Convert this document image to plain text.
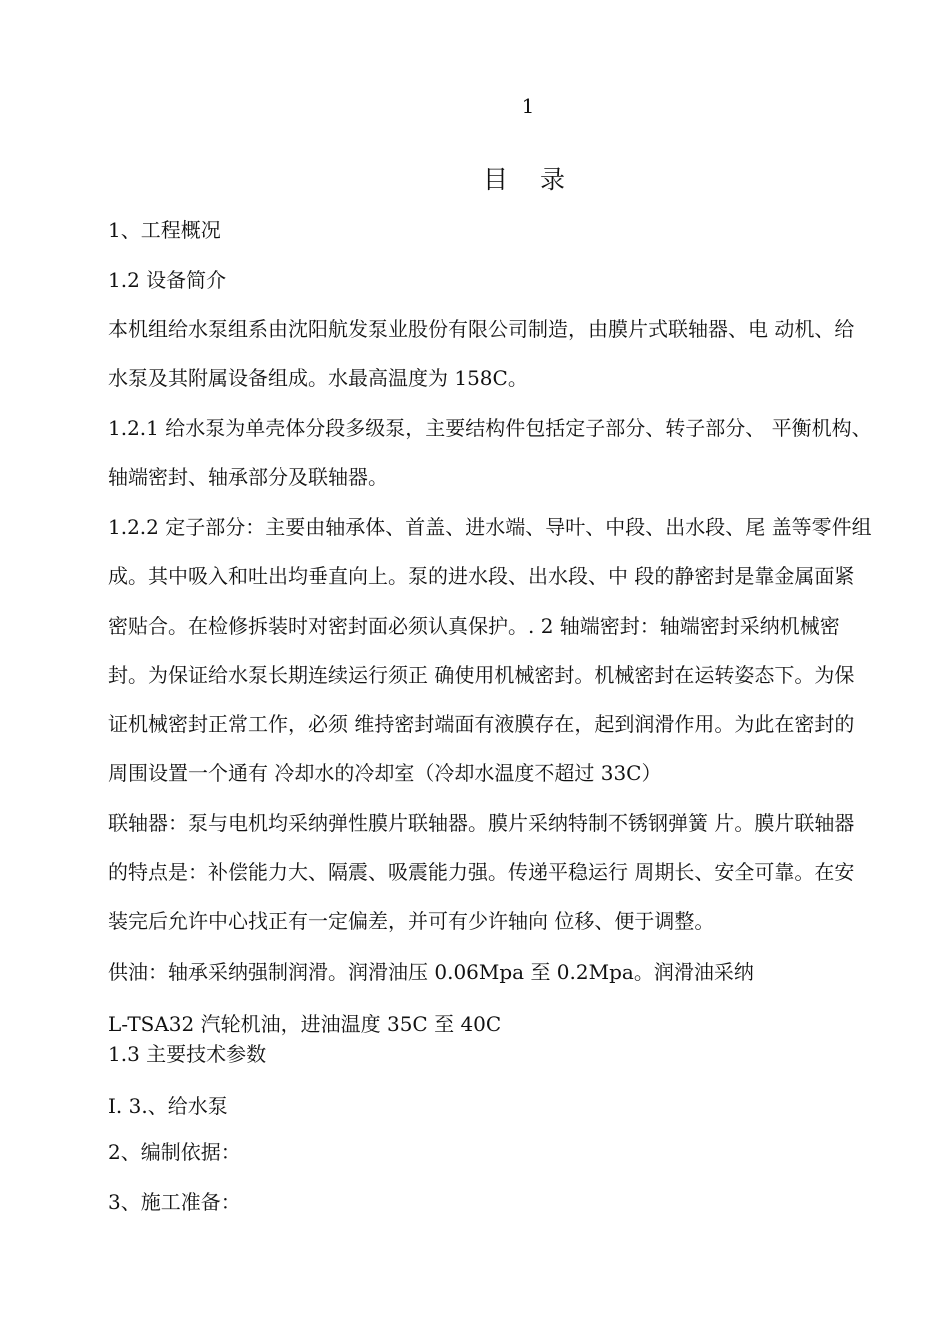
1
目 录
1、工程概况
1.2 设备简介
本机组给水泵组系由沈阳航发泵业股份有限公司制造，由膜片式联轴器、电 动机、给
水泵及其附属设备组成。水最高温度为 158C。
1.2.1 给水泵为单壳体分段多级泵，主要结构件包括定子部分、转子部分、 平衡机构、
轴端密封、轴承部分及联轴器。
1.2.2 定子部分：主要由轴承体、首盖、进水端、导叶、中段、出水段、尾 盖等零件组
成。其中吸入和吐出均垂直向上。泵的进水段、出水段、中 段的静密封是靠金属面紧
密贴合。在检修拆装时对密封面必须认真保护。. 2 轴端密封：轴端密封采纳机械密
封。为保证给水泵长期连续运行须正 确使用机械密封。机械密封在运转姿态下。为保
证机械密封正常工作，必须 维持密封端面有液膜存在，起到润滑作用。为此在密封的
周围设置一个通有 冷却水的冷却室（冷却水温度不超过 33C）
联轴器：泵与电机均采纳弹性膜片联轴器。膜片采纳特制不锈钢弹簧 片。膜片联轴器
的特点是：补偿能力大、隔震、吸震能力强。传递平稳运行 周期长、安全可靠。在安
装完后允许中心找正有一定偏差，并可有少许轴向 位移、便于调整。
供油：轴承采纳强制润滑。润滑油压 0.06Mpa 至 0.2Mpa。润滑油采纳
L-TSA32 汽轮机油，进油温度 35C 至 40C
1.3 主要技术参数
I. 3.、给水泵
2、编制依据：
3、施工准备：
